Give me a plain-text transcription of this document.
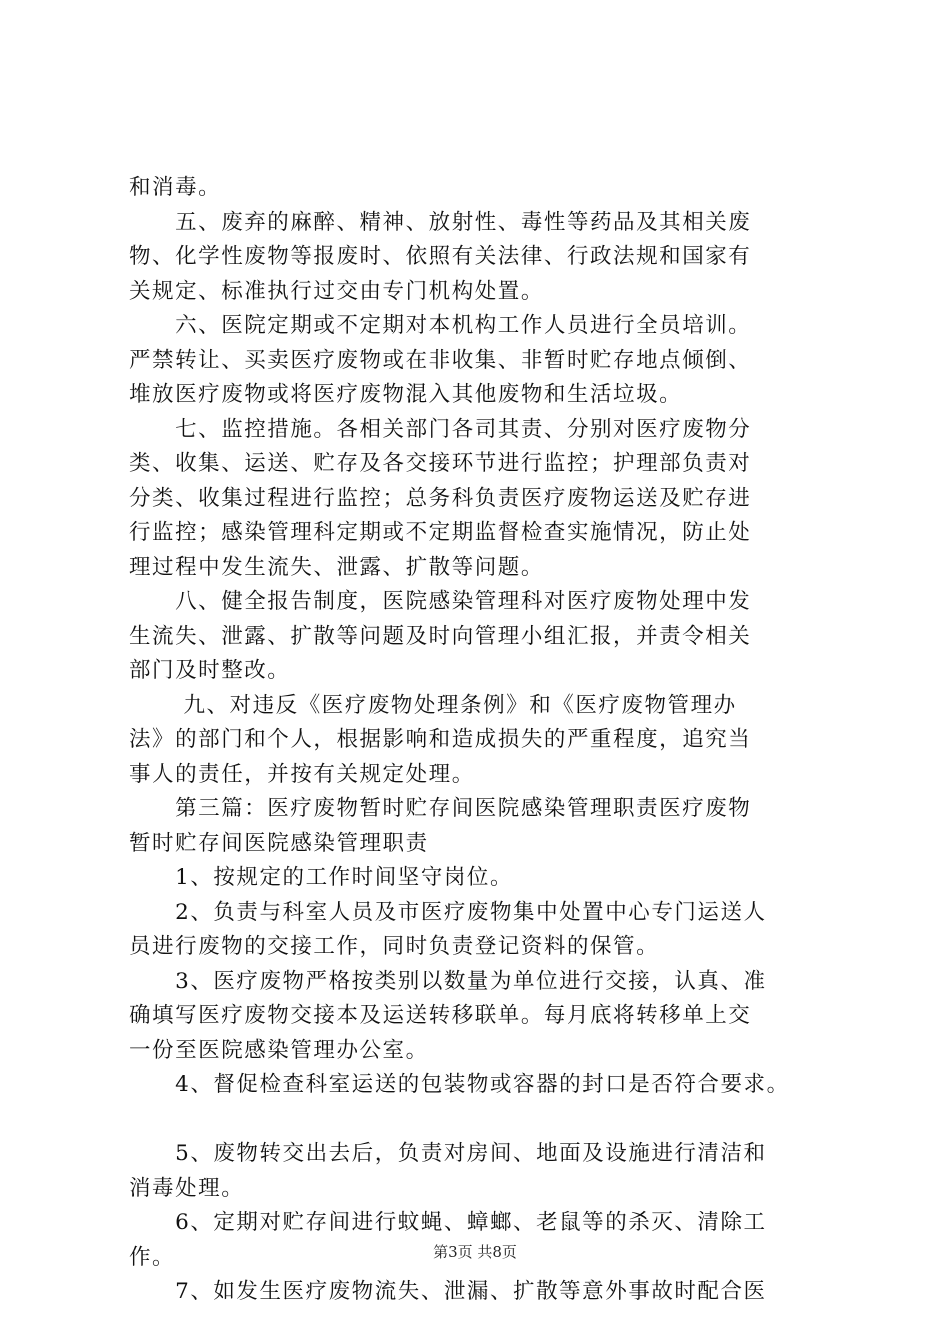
和消毒。
　　五、废弃的麻醉、精神、放射性、毒性等药品及其相关废
物、化学性废物等报废时、依照有关法律、行政法规和国家有
关规定、标准执行过交由专门机构处置。
　　六、医院定期或不定期对本机构工作人员进行全员培训。
严禁转让、买卖医疗废物或在非收集、非暂时贮存地点倾倒、
堆放医疗废物或将医疗废物混入其他废物和生活垃圾。
　　七、监控措施。各相关部门各司其责、分别对医疗废物分
类、收集、运送、贮存及各交接环节进行监控；护理部负责对
分类、收集过程进行监控；总务科负责医疗废物运送及贮存进
行监控；感染管理科定期或不定期监督检查实施情况，防止处
理过程中发生流失、泄露、扩散等问题。
　　八、健全报告制度，医院感染管理科对医疗废物处理中发
生流失、泄露、扩散等问题及时向管理小组汇报，并责令相关
部门及时整改。
　　 九、对违反《医疗废物处理条例》和《医疗废物管理办
法》的部门和个人，根据影响和造成损失的严重程度，追究当
事人的责任，并按有关规定处理。
　　第三篇：医疗废物暂时贮存间医院感染管理职责医疗废物
暂时贮存间医院感染管理职责
　　1、按规定的工作时间坚守岗位。
　　2、负责与科室人员及市医疗废物集中处置中心专门运送人
员进行废物的交接工作，同时负责登记资料的保管。
　　3、医疗废物严格按类别以数量为单位进行交接，认真、准
确填写医疗废物交接本及运送转移联单。每月底将转移单上交
一份至医院感染管理办公室。
　　4、督促检查科室运送的包装物或容器的封口是否符合要求。
　　5、废物转交出去后，负责对房间、地面及设施进行清洁和
消毒处理。
　　6、定期对贮存间进行蚊蝇、蟑螂、老鼠等的杀灭、清除工
作。
　　7、如发生医疗废物流失、泄漏、扩散等意外事故时配合医
第3页 共8页
